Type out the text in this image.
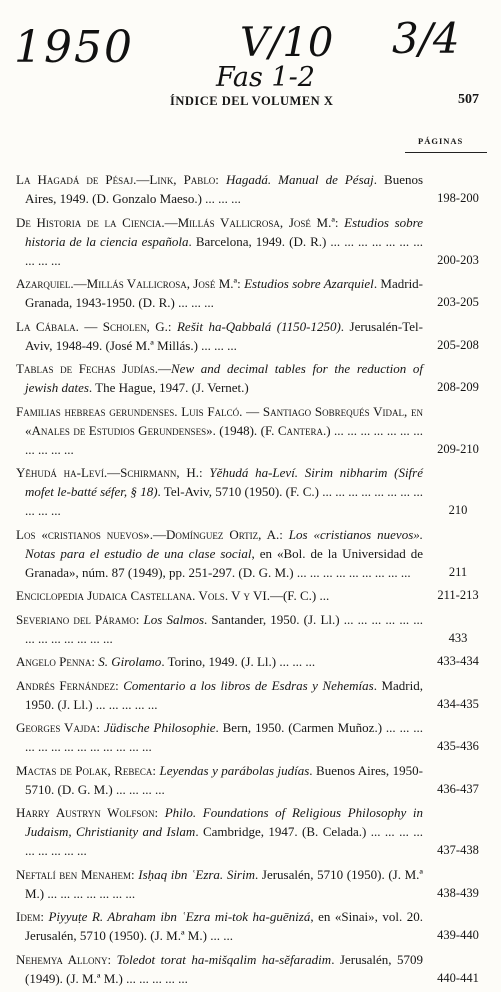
1950	V/10 3/4
Fas 1-2
ÍNDICE DEL VOLUMEN X	507
PÁGINAS
La Hagadá de Pésaj.—Link, Pablo: Hagadá. Manual de Pésaj. Buenos Aires, 1949. (D. Gonzalo Maeso.) ... ... ...	198-200
De Historia de la Ciencia.—Millás Vallicrosa, José M.ª: Estudios sobre historia de la ciencia española. Barcelona, 1949. (D. R.) ... ... ... ... ... ... ... ... ... ...	200-203
Azarquiel.—Millás Vallicrosa, José M.ª: Estudios sobre Azarquiel. Madrid-Granada, 1943-1950. (D. R.) ... ... ...	203-205
La Cábala. — Scholen, G.: Rešit ha-Qabbalá (1150-1250). Jerusalén-Tel-Aviv, 1948-49. (José M.ª Millás.) ... ... ...	205-208
Tablas de Fechas Judías.—New and decimal tables for the reduction of jewish dates. The Hague, 1947. (J. Vernet.)	208-209
Familias hebreas gerundenses. Luis Falcó. — Santiago Sobrequés Vidal, en «Anales de Estudios Gerundenses». (1948). (F. Cantera.) ... ... ... ... ... ... ... ... ... ... ...	209-210
Yĕhudá ha-Leví.—Schirmann, H.: Yĕhudá ha-Leví. Sirim nibharim (Sifré mofet le-batté séfer, § 18). Tel-Aviv, 5710 (1950). (F. C.) ... ... ... ... ... ... ... ... ... ... ...	210
Los «cristianos nuevos».—Domínguez Ortiz, A.: Los «cristianos nuevos». Notas para el estudio de una clase social, en «Bol. de la Universidad de Granada», núm. 87 (1949), pp. 251-297. (D. G. M.) ... ... ... ... ... ... ... ... ...	211
Enciclopedia Judaica Castellana. Vols. V y VI.—(F. C.) ...	211-213
Severiano del Páramo: Los Salmos. Santander, 1950. (J. Ll.) ... ... ... ... ... ... ... ... ... ... ... ... ...	433
Angelo Penna: S. Girolamo. Torino, 1949. (J. Ll.) ... ... ...	433-434
Andrés Fernández: Comentario a los libros de Esdras y Nehemías. Madrid, 1950. (J. Ll.) ... ... ... ... ...	434-435
Georges Vajda: Jüdische Philosophie. Bern, 1950. (Carmen Muñoz.) ... ... ... ... ... ... ... ... ... ... ... ... ...	435-436
Mactas de Polak, Rebeca: Leyendas y parábolas judías. Buenos Aires, 1950-5710. (D. G. M.) ... ... ... ...	436-437
Harry Austryn Wolfson: Philo. Foundations of Religious Philosophy in Judaism, Christianity and Islam. Cambridge, 1947. (B. Celada.) ... ... ... ... ... ... ... ... ...	437-438
Neftalí ben Menahem: Isḥaq ibn ʿEzra. Sirim. Jerusalén, 5710 (1950). (J. M.ª M.) ... ... ... ... ... ... ...	438-439
Idem: Piyyuṭe R. Abraham ibn ʿEzra mi-tok ha-guēnizá, en «Sinai», vol. 20. Jerusalén, 5710 (1950). (J. M.ª M.) ... ...	439-440
Nehemya Allony: Toledot torat ha-mišqalim ha-sĕfaradim. Jerusalén, 5709 (1949). (J. M.ª M.) ... ... ... ... ...	440-441
